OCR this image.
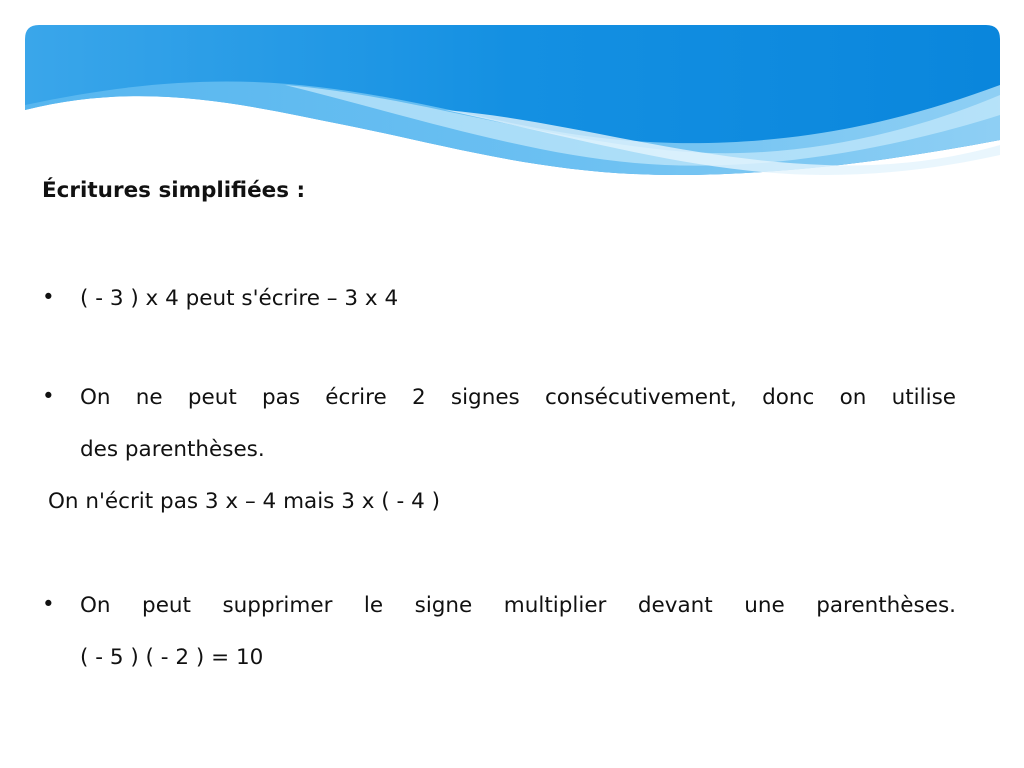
Écritures simplifiées :
• ( - 3 ) x 4 peut s'écrire – 3 x 4
• On ne peut pas écrire 2 signes consécutivement, donc on utilise
des parenthèses.
On n'écrit pas 3 x – 4 mais 3 x ( - 4 )
• On peut supprimer le signe multiplier devant une parenthèses.
( - 5 ) ( - 2 ) = 10
